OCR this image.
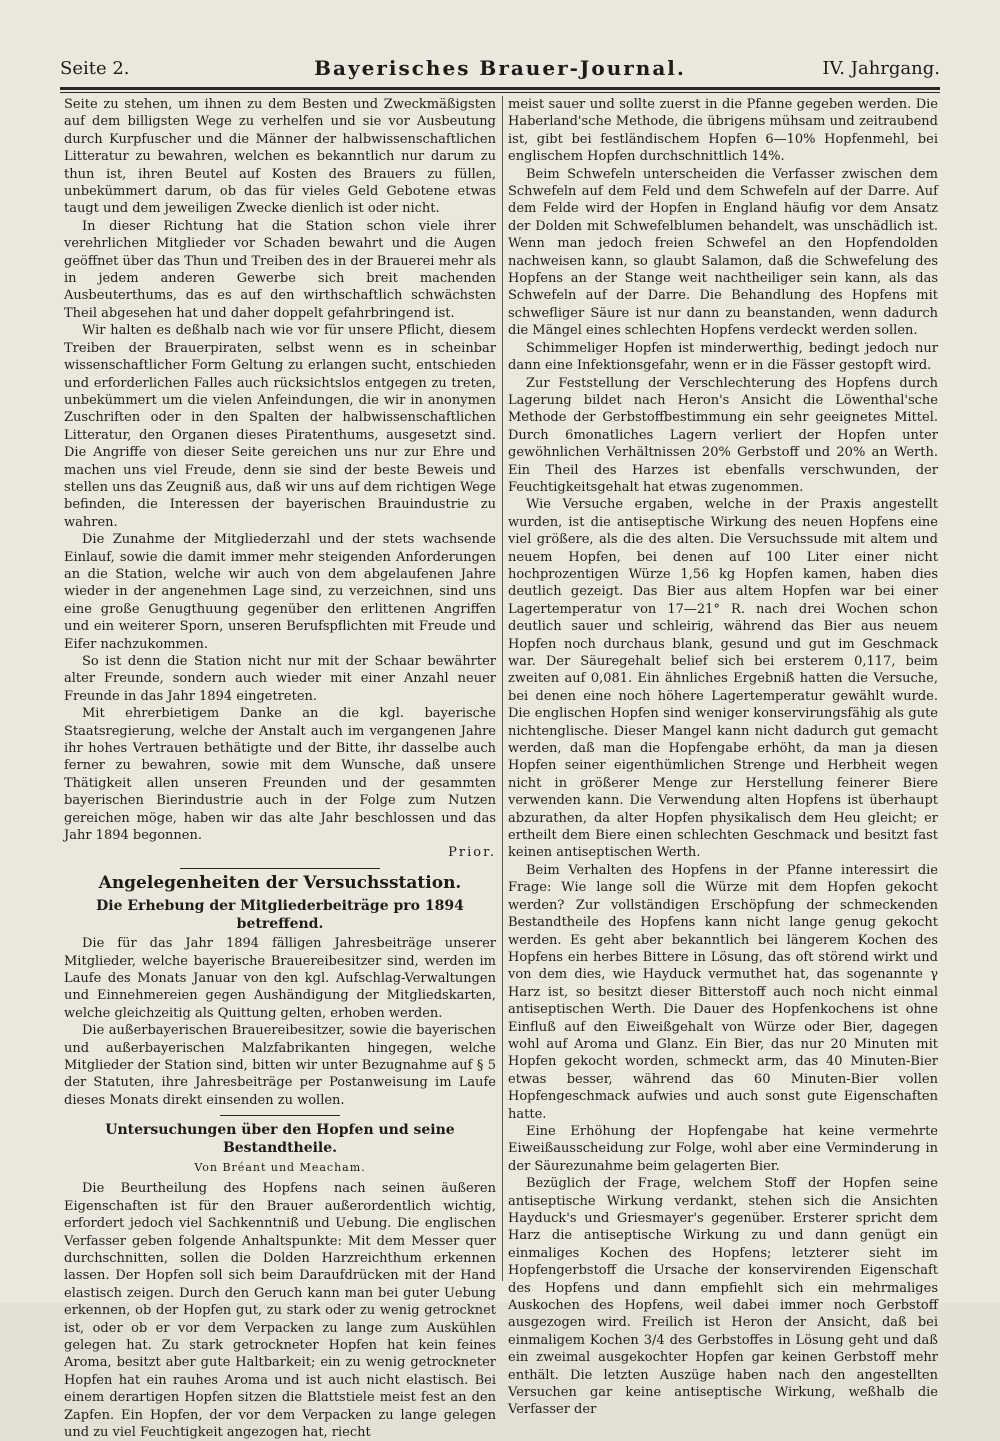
Seite 2.	Bayerisches Brauer-Journal.	IV. Jahrgang.

Seite zu stehen, um ihnen zu dem Besten und Zweckmäßigsten auf dem billigsten Wege zu verhelfen und sie vor Ausbeutung durch Kurpfuscher und die Männer der halbwissenschaftlichen Litteratur zu bewahren, welchen es bekanntlich nur darum zu thun ist, ihren Beutel auf Kosten des Brauers zu füllen, unbekümmert darum, ob das für vieles Geld Gebotene etwas taugt und dem jeweiligen Zwecke dienlich ist oder nicht.

In dieser Richtung hat die Station schon viele ihrer verehrlichen Mitglieder vor Schaden bewahrt und die Augen geöffnet über das Thun und Treiben des in der Brauerei mehr als in jedem anderen Gewerbe sich breit machenden Ausbeuterthums, das es auf den wirthschaftlich schwächsten Theil abgesehen hat und daher doppelt gefahrbringend ist.

Wir halten es deßhalb nach wie vor für unsere Pflicht, diesem Treiben der Brauerpiraten, selbst wenn es in scheinbar wissenschaftlicher Form Geltung zu erlangen sucht, entschieden und erforderlichen Falles auch rücksichtslos entgegen zu treten, unbekümmert um die vielen Anfeindungen, die wir in anonymen Zuschriften oder in den Spalten der halbwissenschaftlichen Litteratur, den Organen dieses Piratenthums, ausgesetzt sind. Die Angriffe von dieser Seite gereichen uns nur zur Ehre und machen uns viel Freude, denn sie sind der beste Beweis und stellen uns das Zeugniß aus, daß wir uns auf dem richtigen Wege befinden, die Interessen der bayerischen Brauindustrie zu wahren.

Die Zunahme der Mitgliederzahl und der stets wachsende Einlauf, sowie die damit immer mehr steigenden Anforderungen an die Station, welche wir auch von dem abgelaufenen Jahre wieder in der angenehmen Lage sind, zu verzeichnen, sind uns eine große Genugthuung gegenüber den erlittenen Angriffen und ein weiterer Sporn, unseren Berufspflichten mit Freude und Eifer nachzukommen.

So ist denn die Station nicht nur mit der Schaar bewährter alter Freunde, sondern auch wieder mit einer Anzahl neuer Freunde in das Jahr 1894 eingetreten.

Mit ehrerbietigem Danke an die kgl. bayerische Staatsregierung, welche der Anstalt auch im vergangenen Jahre ihr hohes Vertrauen bethätigte und der Bitte, ihr dasselbe auch ferner zu bewahren, sowie mit dem Wunsche, daß unsere Thätigkeit allen unseren Freunden und der gesammten bayerischen Bierindustrie auch in der Folge zum Nutzen gereichen möge, haben wir das alte Jahr beschlossen und das Jahr 1894 begonnen.

Prior.
Angelegenheiten der Versuchsstation.
Die Erhebung der Mitgliederbeiträge pro 1894 betreffend.

Die für das Jahr 1894 fälligen Jahresbeiträge unserer Mitglieder, welche bayerische Brauereibesitzer sind, werden im Laufe des Monats Januar von den kgl. Aufschlag-Verwaltungen und Einnehmereien gegen Aushändigung der Mitgliedskarten, welche gleichzeitig als Quittung gelten, erhoben werden.

Die außerbayerischen Brauereibesitzer, sowie die bayerischen und außerbayerischen Malzfabrikanten hingegen, welche Mitglieder der Station sind, bitten wir unter Bezugnahme auf § 5 der Statuten, ihre Jahresbeiträge per Postanweisung im Laufe dieses Monats direkt einsenden zu wollen.

Untersuchungen über den Hopfen und seine Bestandtheile.
Von Bréant und Meacham.

Die Beurtheilung des Hopfens nach seinen äußeren Eigenschaften ist für den Brauer außerordentlich wichtig, erfordert jedoch viel Sachkenntniß und Uebung. Die englischen Verfasser geben folgende Anhaltspunkte: Mit dem Messer quer durchschnitten, sollen die Dolden Harzreichthum erkennen lassen. Der Hopfen soll sich beim Daraufdrücken mit der Hand elastisch zeigen. Durch den Geruch kann man bei guter Uebung erkennen, ob der Hopfen gut, zu stark oder zu wenig getrocknet ist, oder ob er vor dem Verpacken zu lange zum Auskühlen gelegen hat. Zu stark getrockneter Hopfen hat kein feines Aroma, besitzt aber gute Haltbarkeit; ein zu wenig getrockneter Hopfen hat ein rauhes Aroma und ist auch nicht elastisch. Bei einem derartigen Hopfen sitzen die Blattstiele meist fest an den Zapfen. Ein Hopfen, der vor dem Verpacken zu lange gelegen und zu viel Feuchtigkeit angezogen hat, riecht

meist sauer und sollte zuerst in die Pfanne gegeben werden. Die Haberland'sche Methode, die übrigens mühsam und zeitraubend ist, gibt bei festländischem Hopfen 6—10% Hopfenmehl, bei englischem Hopfen durchschnittlich 14%.

Beim Schwefeln unterscheiden die Verfasser zwischen dem Schwefeln auf dem Feld und dem Schwefeln auf der Darre. Auf dem Felde wird der Hopfen in England häufig vor dem Ansatz der Dolden mit Schwefelblumen behandelt, was unschädlich ist. Wenn man jedoch freien Schwefel an den Hopfendolden nachweisen kann, so glaubt Salamon, daß die Schwefelung des Hopfens an der Stange weit nachtheiliger sein kann, als das Schwefeln auf der Darre. Die Behandlung des Hopfens mit schwefliger Säure ist nur dann zu beanstanden, wenn dadurch die Mängel eines schlechten Hopfens verdeckt werden sollen.

Schimmeliger Hopfen ist minderwerthig, bedingt jedoch nur dann eine Infektionsgefahr, wenn er in die Fässer gestopft wird.

Zur Feststellung der Verschlechterung des Hopfens durch Lagerung bildet nach Heron's Ansicht die Löwenthal'sche Methode der Gerbstoffbestimmung ein sehr geeignetes Mittel. Durch 6monatliches Lagern verliert der Hopfen unter gewöhnlichen Verhältnissen 20% Gerbstoff und 20% an Werth. Ein Theil des Harzes ist ebenfalls verschwunden, der Feuchtigkeitsgehalt hat etwas zugenommen.

Wie Versuche ergaben, welche in der Praxis angestellt wurden, ist die antiseptische Wirkung des neuen Hopfens eine viel größere, als die des alten. Die Versuchssude mit altem und neuem Hopfen, bei denen auf 100 Liter einer nicht hochprozentigen Würze 1,56 kg Hopfen kamen, haben dies deutlich gezeigt. Das Bier aus altem Hopfen war bei einer Lagertemperatur von 17—21° R. nach drei Wochen schon deutlich sauer und schleirig, während das Bier aus neuem Hopfen noch durchaus blank, gesund und gut im Geschmack war. Der Säuregehalt belief sich bei ersterem 0,117, beim zweiten auf 0,081. Ein ähnliches Ergebniß hatten die Versuche, bei denen eine noch höhere Lagertemperatur gewählt wurde. Die englischen Hopfen sind weniger konservirungsfähig als gute nichtenglische. Dieser Mangel kann nicht dadurch gut gemacht werden, daß man die Hopfengabe erhöht, da man ja diesen Hopfen seiner eigenthümlichen Strenge und Herbheit wegen nicht in größerer Menge zur Herstellung feinerer Biere verwenden kann. Die Verwendung alten Hopfens ist überhaupt abzurathen, da alter Hopfen physikalisch dem Heu gleicht; er ertheilt dem Biere einen schlechten Geschmack und besitzt fast keinen antiseptischen Werth.

Beim Verhalten des Hopfens in der Pfanne interessirt die Frage: Wie lange soll die Würze mit dem Hopfen gekocht werden? Zur vollständigen Erschöpfung der schmeckenden Bestandtheile des Hopfens kann nicht lange genug gekocht werden. Es geht aber bekanntlich bei längerem Kochen des Hopfens ein herbes Bittere in Lösung, das oft störend wirkt und von dem dies, wie Hayduck vermuthet hat, das sogenannte γ Harz ist, so besitzt dieser Bitterstoff auch noch nicht einmal antiseptischen Werth. Die Dauer des Hopfenkochens ist ohne Einfluß auf den Eiweißgehalt von Würze oder Bier, dagegen wohl auf Aroma und Glanz. Ein Bier, das nur 20 Minuten mit Hopfen gekocht worden, schmeckt arm, das 40 Minuten-Bier etwas besser, während das 60 Minuten-Bier vollen Hopfengeschmack aufwies und auch sonst gute Eigenschaften hatte.

Eine Erhöhung der Hopfengabe hat keine vermehrte Eiweißausscheidung zur Folge, wohl aber eine Verminderung in der Säurezunahme beim gelagerten Bier.

Bezüglich der Frage, welchem Stoff der Hopfen seine antiseptische Wirkung verdankt, stehen sich die Ansichten Hayduck's und Griesmayer's gegenüber. Ersterer spricht dem Harz die antiseptische Wirkung zu und dann genügt ein einmaliges Kochen des Hopfens; letzterer sieht im Hopfengerbstoff die Ursache der konservirenden Eigenschaft des Hopfens und dann empfiehlt sich ein mehrmaliges Auskochen des Hopfens, weil dabei immer noch Gerbstoff ausgezogen wird. Freilich ist Heron der Ansicht, daß bei einmaligem Kochen 3/4 des Gerbstoffes in Lösung geht und daß ein zweimal ausgekochter Hopfen gar keinen Gerbstoff mehr enthält. Die letzten Auszüge haben nach den angestellten Versuchen gar keine antiseptische Wirkung, weßhalb die Verfasser der
